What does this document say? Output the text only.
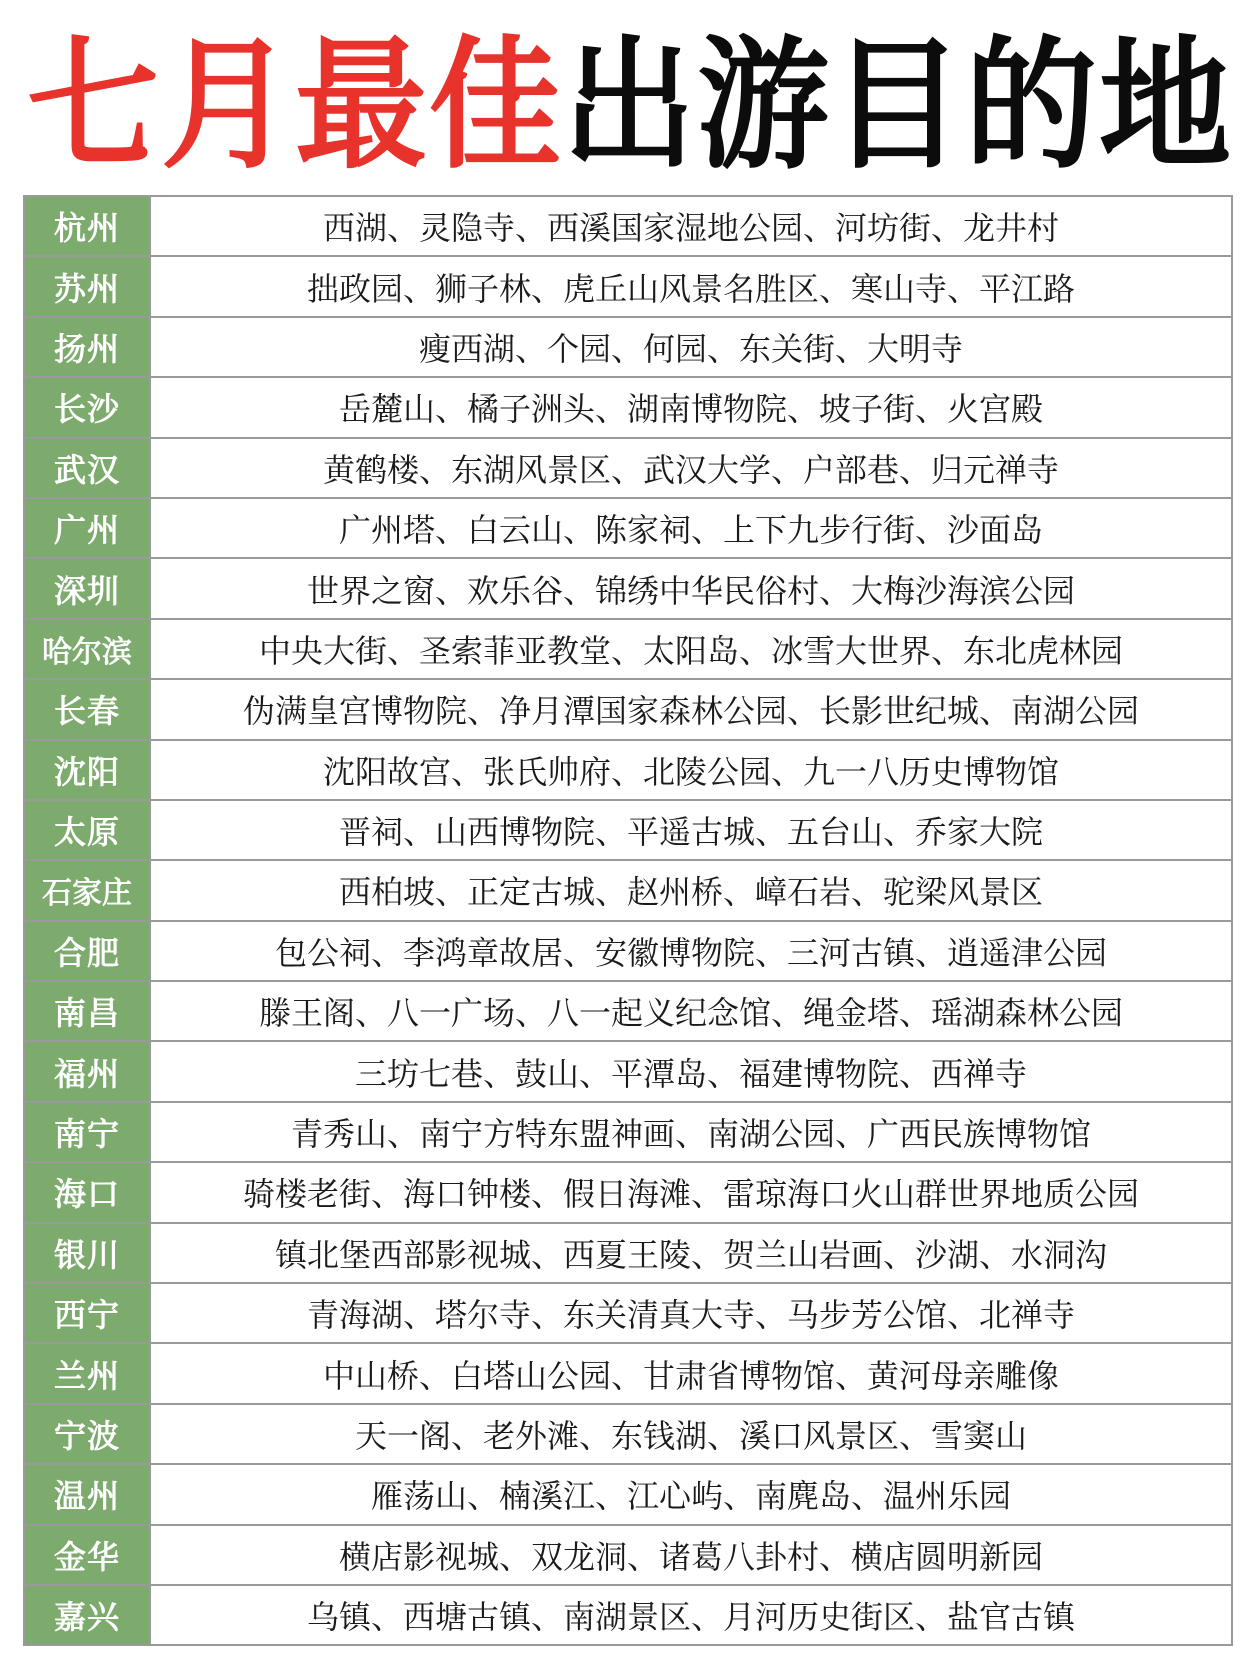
七月最佳 出游目的地
杭州	西湖、灵隐寺、西溪国家湿地公园、河坊街、龙井村
苏州	拙政园、狮子林、虎丘山风景名胜区、寒山寺、平江路
扬州	瘦西湖、个园、何园、东关街、大明寺
长沙	岳麓山、橘子洲头、湖南博物院、坡子街、火宫殿
武汉	黄鹤楼、东湖风景区、武汉大学、户部巷、归元禅寺
广州	广州塔、白云山、陈家祠、上下九步行街、沙面岛
深圳	世界之窗、欢乐谷、锦绣中华民俗村、大梅沙海滨公园
哈尔滨	中央大街、圣索菲亚教堂、太阳岛、冰雪大世界、东北虎林园
长春	伪满皇宫博物院、净月潭国家森林公园、长影世纪城、南湖公园
沈阳	沈阳故宫、张氏帅府、北陵公园、九一八历史博物馆
太原	晋祠、山西博物院、平遥古城、五台山、乔家大院
石家庄	西柏坡、正定古城、赵州桥、嶂石岩、驼梁风景区
合肥	包公祠、李鸿章故居、安徽博物院、三河古镇、逍遥津公园
南昌	滕王阁、八一广场、八一起义纪念馆、绳金塔、瑶湖森林公园
福州	三坊七巷、鼓山、平潭岛、福建博物院、西禅寺
南宁	青秀山、南宁方特东盟神画、南湖公园、广西民族博物馆
海口	骑楼老街、海口钟楼、假日海滩、雷琼海口火山群世界地质公园
银川	镇北堡西部影视城、西夏王陵、贺兰山岩画、沙湖、水洞沟
西宁	青海湖、塔尔寺、东关清真大寺、马步芳公馆、北禅寺
兰州	中山桥、白塔山公园、甘肃省博物馆、黄河母亲雕像
宁波	天一阁、老外滩、东钱湖、溪口风景区、雪窦山
温州	雁荡山、楠溪江、江心屿、南麂岛、温州乐园
金华	横店影视城、双龙洞、诸葛八卦村、横店圆明新园
嘉兴	乌镇、西塘古镇、南湖景区、月河历史街区、盐官古镇
